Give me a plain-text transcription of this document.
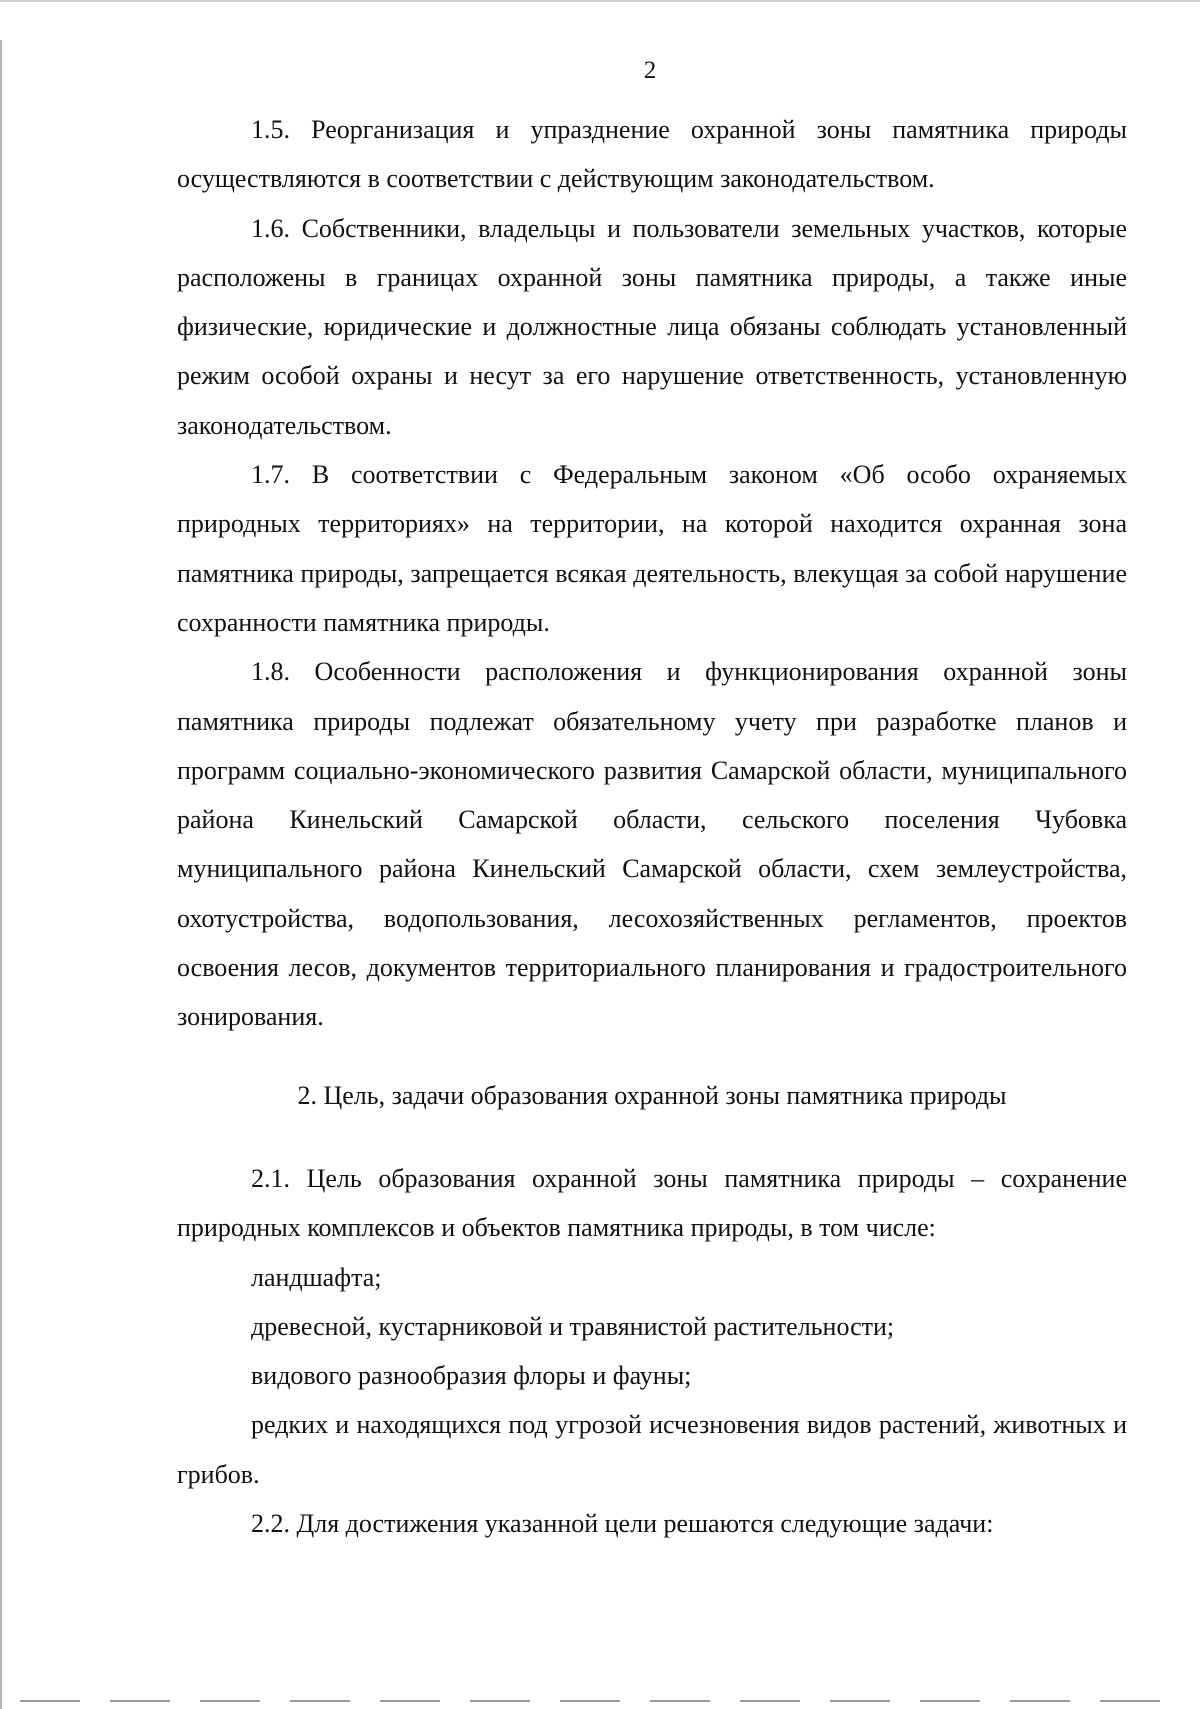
2

1.5. Реорганизация и упразднение охранной зоны памятника природы осуществляются в соответствии с действующим законодательством.

1.6. Собственники, владельцы и пользователи земельных участков, которые расположены в границах охранной зоны памятника природы, а также иные физические, юридические и должностные лица обязаны соблюдать установленный режим особой охраны и несут за его нарушение ответственность, установленную законодательством.

1.7. В соответствии с Федеральным законом «Об особо охраняемых природных территориях» на территории, на которой находится охранная зона памятника природы, запрещается всякая деятельность, влекущая за собой нарушение сохранности памятника природы.

1.8. Особенности расположения и функционирования охранной зоны памятника природы подлежат обязательному учету при разработке планов и программ социально-экономического развития Самарской области, муниципального района Кинельский Самарской области, сельского поселения Чубовка муниципального района Кинельский Самарской области, схем землеустройства, охотустройства, водопользования, лесохозяйственных регламентов, проектов освоения лесов, документов территориального планирования и градостроительного зонирования.

2. Цель, задачи образования охранной зоны памятника природы

2.1. Цель образования охранной зоны памятника природы – сохранение природных комплексов и объектов памятника природы, в том числе:

ландшафта;

древесной, кустарниковой и травянистой растительности;

видового разнообразия флоры и фауны;

редких и находящихся под угрозой исчезновения видов растений, животных и грибов.

2.2. Для достижения указанной цели решаются следующие задачи:
